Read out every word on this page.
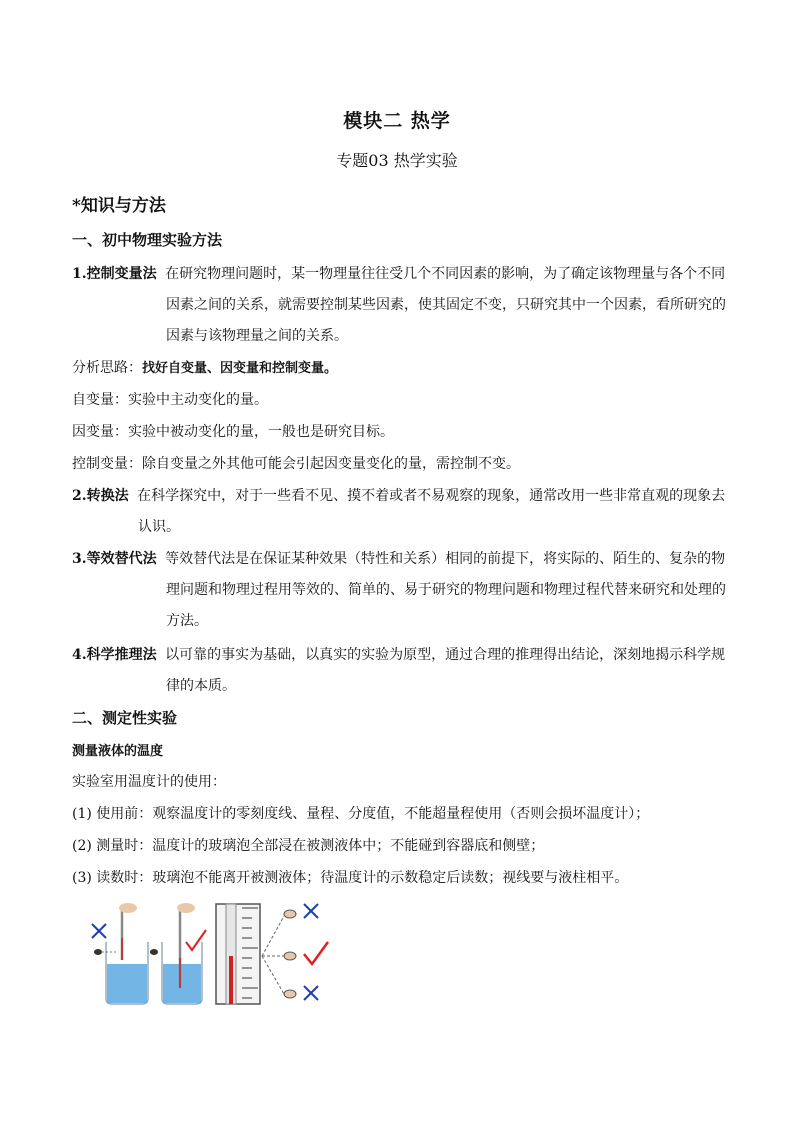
模块二 热学
专题03 热学实验
*知识与方法
一、初中物理实验方法
1.控制变量法 在研究物理问题时，某一物理量往往受几个不同因素的影响，为了确定该物理量与各个不同
因素之间的关系，就需要控制某些因素，使其固定不变，只研究其中一个因素，看所研究的
因素与该物理量之间的关系。
分析思路：找好自变量、因变量和控制变量。
自变量：实验中主动变化的量。
因变量：实验中被动变化的量，一般也是研究目标。
控制变量：除自变量之外其他可能会引起因变量变化的量，需控制不变。
2.转换法 在科学探究中，对于一些看不见、摸不着或者不易观察的现象，通常改用一些非常直观的现象去
认识。
3.等效替代法 等效替代法是在保证某种效果（特性和关系）相同的前提下，将实际的、陌生的、复杂的物
理问题和物理过程用等效的、简单的、易于研究的物理问题和物理过程代替来研究和处理的
方法。
4.科学推理法 以可靠的事实为基础，以真实的实验为原型，通过合理的推理得出结论，深刻地揭示科学规
律的本质。
二、测定性实验
测量液体的温度
实验室用温度计的使用：
(1) 使用前：观察温度计的零刻度线、量程、分度值，不能超量程使用（否则会损坏温度计）；
(2) 测量时：温度计的玻璃泡全部浸在被测液体中；不能碰到容器底和侧壁；
(3) 读数时：玻璃泡不能离开被测液体；待温度计的示数稳定后读数；视线要与液柱相平。
